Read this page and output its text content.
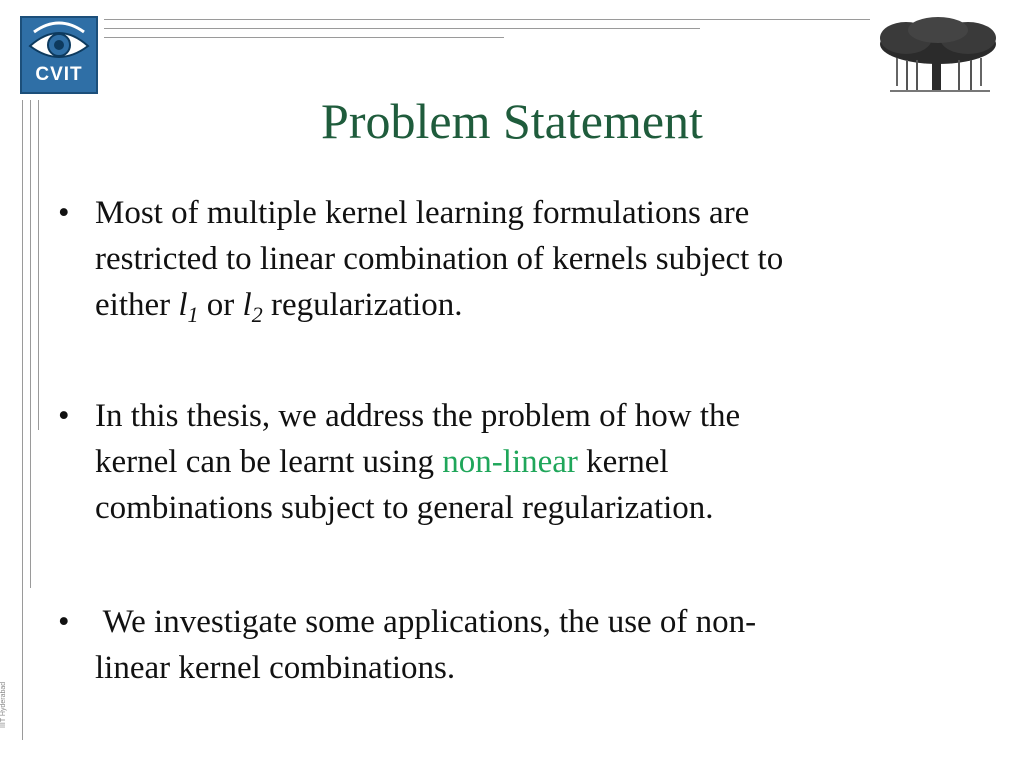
CVIT
Problem Statement
• Most of multiple kernel learning formulations are
restricted to linear combination of kernels subject to
either $l_1$ or $l_2$ regularization.
• In this thesis, we address the problem of how the
kernel can be learnt using non-linear kernel
combinations subject to general regularization.
• We investigate some applications, the use of non-
linear kernel combinations.
IIIT Hyderabad
